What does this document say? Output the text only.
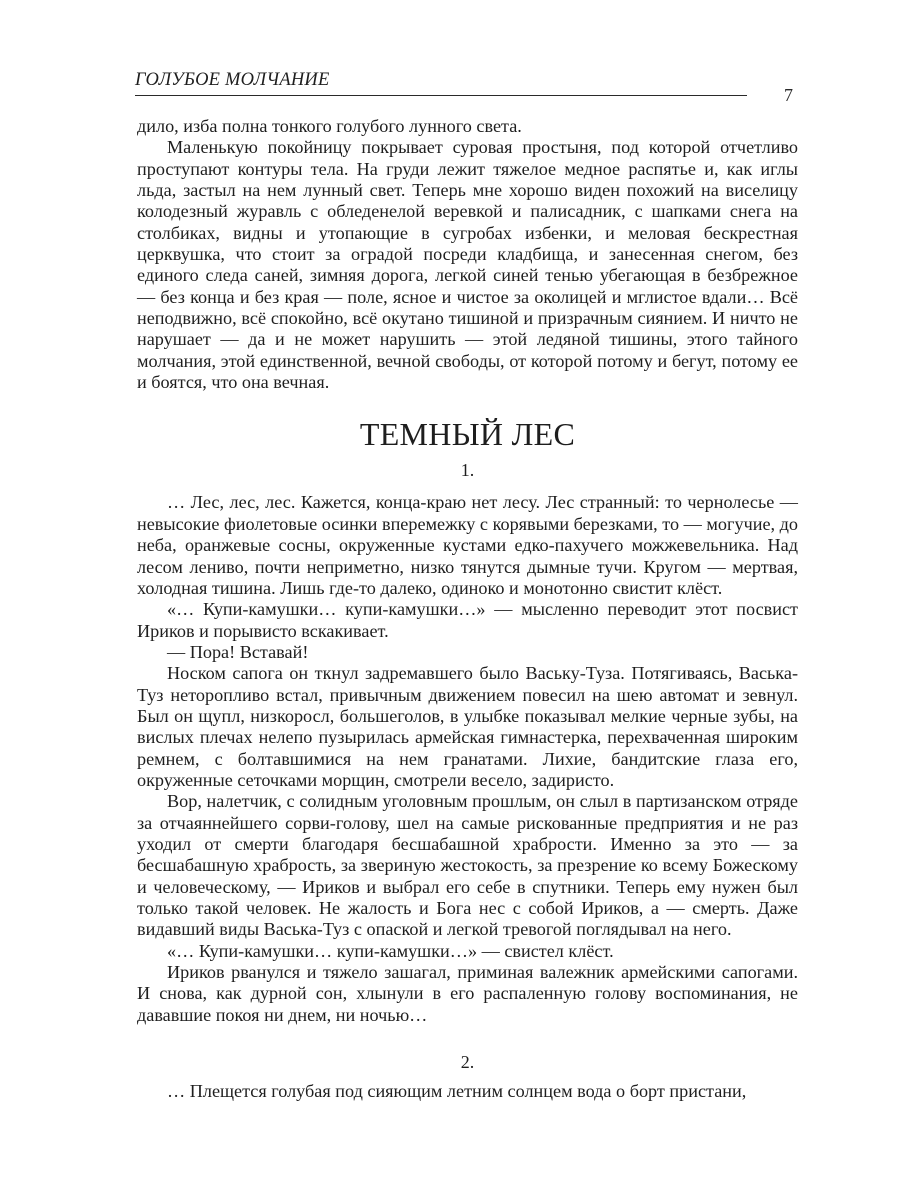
ГОЛУБОЕ МОЛЧАНИЕ
7

дило, изба полна тонкого голубого лунного света.

Маленькую покойницу покрывает суровая простыня, под которой отчетливо проступают контуры тела. На груди лежит тяжелое медное распятье и, как иглы льда, застыл на нем лунный свет. Теперь мне хорошо виден похожий на виселицу колодезный журавль с обледенелой веревкой и палисадник, с шапками снега на столбиках, видны и утопающие в сугробах избенки, и меловая бескрестная церквушка, что стоит за оградой посреди кладбища, и занесенная снегом, без единого следа саней, зимняя дорога, легкой синей тенью убегающая в безбрежное — без конца и без края — поле, ясное и чистое за околицей и мглистое вдали… Всё неподвижно, всё спокойно, всё окутано тишиной и призрачным сиянием. И ничто не нарушает — да и не может нарушить — этой ледяной тишины, этого тайного молчания, этой единственной, вечной свободы, от которой потому и бегут, потому ее и боятся, что она вечная.

ТЕМНЫЙ ЛЕС
1.

… Лес, лес, лес. Кажется, конца-краю нет лесу. Лес странный: то чернолесье — невысокие фиолетовые осинки вперемежку с корявыми березками, то — могучие, до неба, оранжевые сосны, окруженные кустами едко-пахучего можжевельника. Над лесом лениво, почти неприметно, низко тянутся дымные тучи. Кругом — мертвая, холодная тишина. Лишь где-то далеко, одиноко и монотонно свистит клёст.

«… Купи-камушки… купи-камушки…» — мысленно переводит этот посвист Ириков и порывисто вскакивает.

— Пора! Вставай!

Носком сапога он ткнул задремавшего было Ваську-Туза. Потягиваясь, Васька-Туз неторопливо встал, привычным движением повесил на шею автомат и зевнул. Был он щупл, низкоросл, большеголов, в улыбке показывал мелкие черные зубы, на вислых плечах нелепо пузырилась армейская гимнастерка, перехваченная широким ремнем, с болтавшимися на нем гранатами. Лихие, бандитские глаза его, окруженные сеточками морщин, смотрели весело, задиристо.

Вор, налетчик, с солидным уголовным прошлым, он слыл в партизанском отряде за отчаяннейшего сорви-голову, шел на самые рискованные предприятия и не раз уходил от смерти благодаря бесшабашной храбрости. Именно за это — за бесшабашную храбрость, за звериную жестокость, за презрение ко всему Божескому и человеческому, — Ириков и выбрал его себе в спутники. Теперь ему нужен был только такой человек. Не жалость и Бога нес с собой Ириков, а — смерть. Даже видавший виды Васька-Туз с опаской и легкой тревогой поглядывал на него.

«… Купи-камушки… купи-камушки…» — свистел клёст.

Ириков рванулся и тяжело зашагал, приминая валежник армейскими сапогами. И снова, как дурной сон, хлынули в его распаленную голову воспоминания, не дававшие покоя ни днем, ни ночью…

2.

… Плещется голубая под сияющим летним солнцем вода о борт пристани,
